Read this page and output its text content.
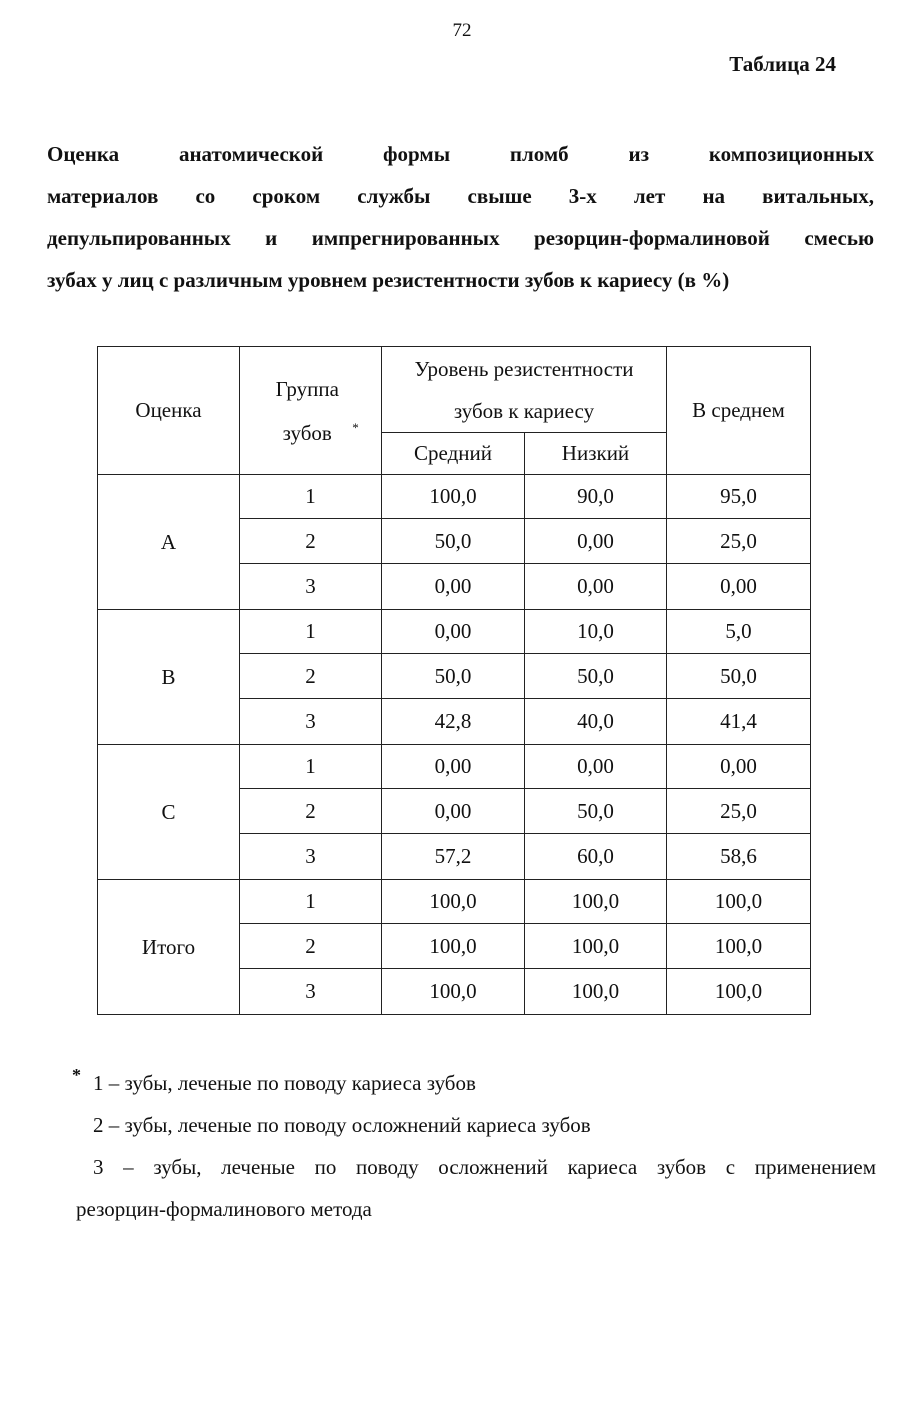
72
Таблица 24
Оценка анатомической формы пломб из композиционных
материалов со сроком службы свыше 3-х лет на витальных,
депульпированных и импрегнированных резорцин-формалиновой смесью
зубах у лиц с различным уровнем резистентности зубов к кариесу (в %)
Оценка	Группа зубов *	Уровень резистентности зубов к кариесу		В среднем
		Средний	Низкий	
A	1	100,0	90,0	95,0
	2	50,0	0,00	25,0
	3	0,00	0,00	0,00
B	1	0,00	10,0	5,0
	2	50,0	50,0	50,0
	3	42,8	40,0	41,4
C	1	0,00	0,00	0,00
	2	0,00	50,0	25,0
	3	57,2	60,0	58,6
Итого	1	100,0	100,0	100,0
	2	100,0	100,0	100,0
	3	100,0	100,0	100,0
* 1 – зубы, леченые по поводу кариеса зубов

2 – зубы, леченые по поводу осложнений кариеса зубов

3 – зубы, леченые по поводу осложнений кариеса зубов с применением

резорцин-формалинового метода
